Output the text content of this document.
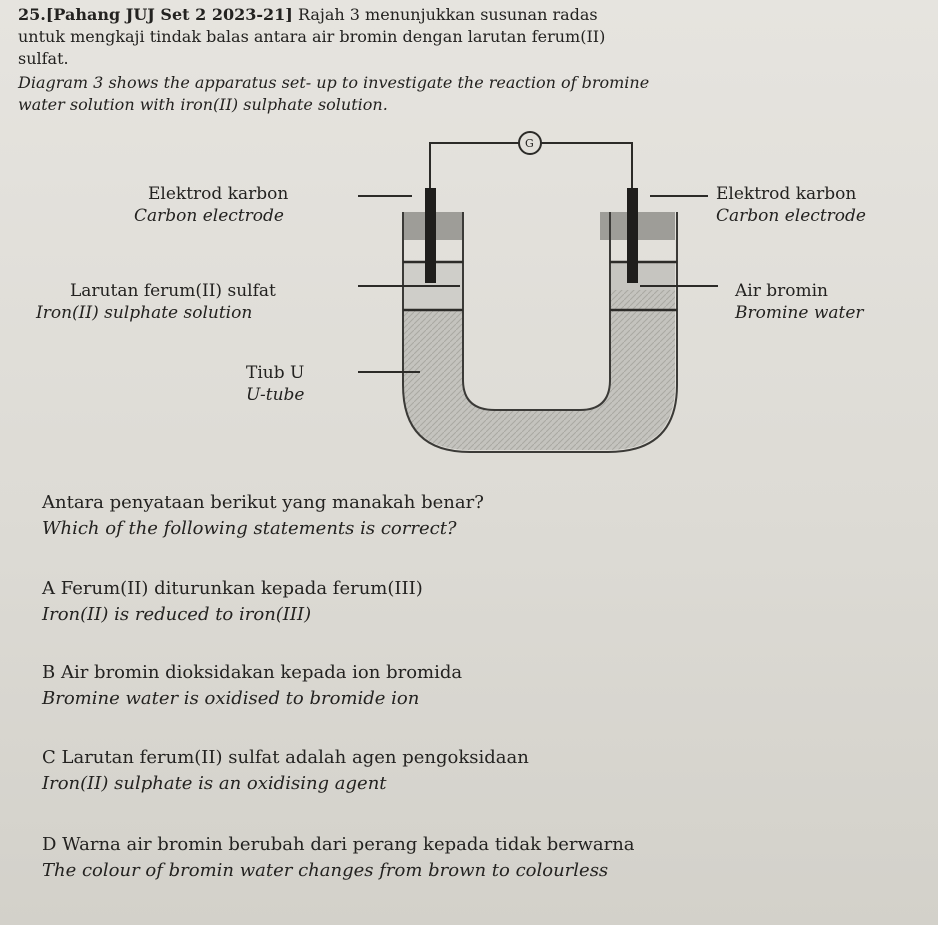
25.[Pahang JUJ Set 2 2023-21] Rajah 3 menunjukkan susunan radas
untuk mengkaji tindak balas antara air bromin dengan larutan ferum(II)
sulfat.
Diagram 3 shows the apparatus set- up to investigate the reaction of bromine
water solution with iron(II) sulphate solution.
G
Elektrod karbon
Carbon electrode
Elektrod karbon
Carbon electrode
Larutan ferum(II) sulfat
Iron(II) sulphate solution
Air bromin
Bromine water
Tiub U
U-tube
Antara penyataan berikut yang manakah benar?
Which of the following statements is correct?
A Ferum(II) diturunkan kepada ferum(III)
Iron(II) is reduced to iron(III)
B Air bromin dioksidakan kepada ion bromida
Bromine water is oxidised to bromide ion
C Larutan ferum(II) sulfat adalah agen pengoksidaan
Iron(II) sulphate is an oxidising agent
D Warna air bromin berubah dari perang kepada tidak berwarna
The colour of bromin water changes from brown to colourless
